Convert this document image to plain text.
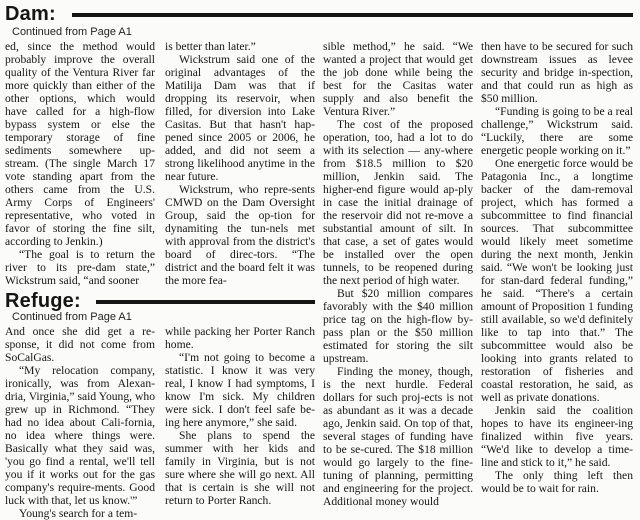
Dam:
Continued from Page A1

ed, since the method would probably improve the overall quality of the Ventura River far more quickly than either of the other options, which would have called for a high-flow bypass system or else the temporary storage of fine sediments somewhere up-stream. (The single March 17 vote standing apart from the others came from the U.S. Army Corps of Engineers' representative, who voted in favor of storing the fine silt, according to Jenkin.)

“The goal is to return the river to its pre-dam state,” Wickstrum said, “and sooner

is better than later.”

Wickstrum said one of the original advantages of the Matilija Dam was that if dropping its reservoir, when filled, for diversion into Lake Casitas. But that hasn't hap-pened since 2005 or 2006, he added, and did not seem a strong likelihood anytime in the near future.

Wickstrum, who repre-sents CMWD on the Dam Oversight Group, said the op-tion for dynamiting the tun-nels met with approval from the district's board of direc-tors. “The district and the board felt it was the more fea-

sible method,” he said. “We wanted a project that would get the job done while being the best for the Casitas water supply and also benefit the Ventura River.”

The cost of the proposed operation, too, had a lot to do with its selection — any-where from $18.5 million to $20 million, Jenkin said. The higher-end figure would ap-ply in case the initial drainage of the reservoir did not re-move a substantial amount of silt. In that case, a set of gates would be installed over the open tunnels, to be reopened during the next period of high water.

But $20 million compares favorably with the $40 million price tag on the high-flow by-pass plan or the $50 million estimated for storing the silt upstream.

Finding the money, though, is the next hurdle. Federal dollars for such proj-ects is not as abundant as it was a decade ago, Jenkin said. On top of that, several stages of funding have to be se-cured. The $18 million would go largely to the fine-tuning of planning, permitting and engineering for the project. Additional money would

then have to be secured for such downstream issues as levee security and bridge in-spection, and that could run as high as $50 million.

“Funding is going to be a real challenge,” Wickstrum said. “Luckily, there are some energetic people working on it.”

One energetic force would be Patagonia Inc., a longtime backer of the dam-removal project, which has formed a subcommittee to find financial sources. That subcommittee would likely meet sometime during the next month, Jenkin said. “We won't be looking just for stan-dard federal funding,” he said. “There's a certain amount of Proposition 1 funding still available, so we'd definitely like to tap into that.” The subcommittee would also be looking into grants related to restoration of fisheries and coastal restoration, he said, as well as private donations.

Jenkin said the coalition hopes to have its engineer-ing finalized within five years. “We'd like to develop a time-line and stick to it,” he said.

The only thing left then would be to wait for rain.

Refuge:
Continued from Page A1

And once she did get a re-sponse, it did not come from SoCalGas.

“My relocation company, ironically, was from Alexan-dria, Virginia,” said Young, who grew up in Richmond. “They had no idea about Cali-fornia, no idea where things were. Basically what they said was, 'you go find a rental, we'll tell you if it works out for the gas company's require-ments. Good luck with that, let us know.'”

Young's search for a tem-

while packing her Porter Ranch home.

“I'm not going to become a statistic. I know it was very real, I know I had symptoms, I know I'm sick. My children were sick. I don't feel safe be-ing here anymore,” she said.

She plans to spend the summer with her kids and family in Virginia, but is not sure where she will go next. All that is certain is she will not return to Porter Ranch.
